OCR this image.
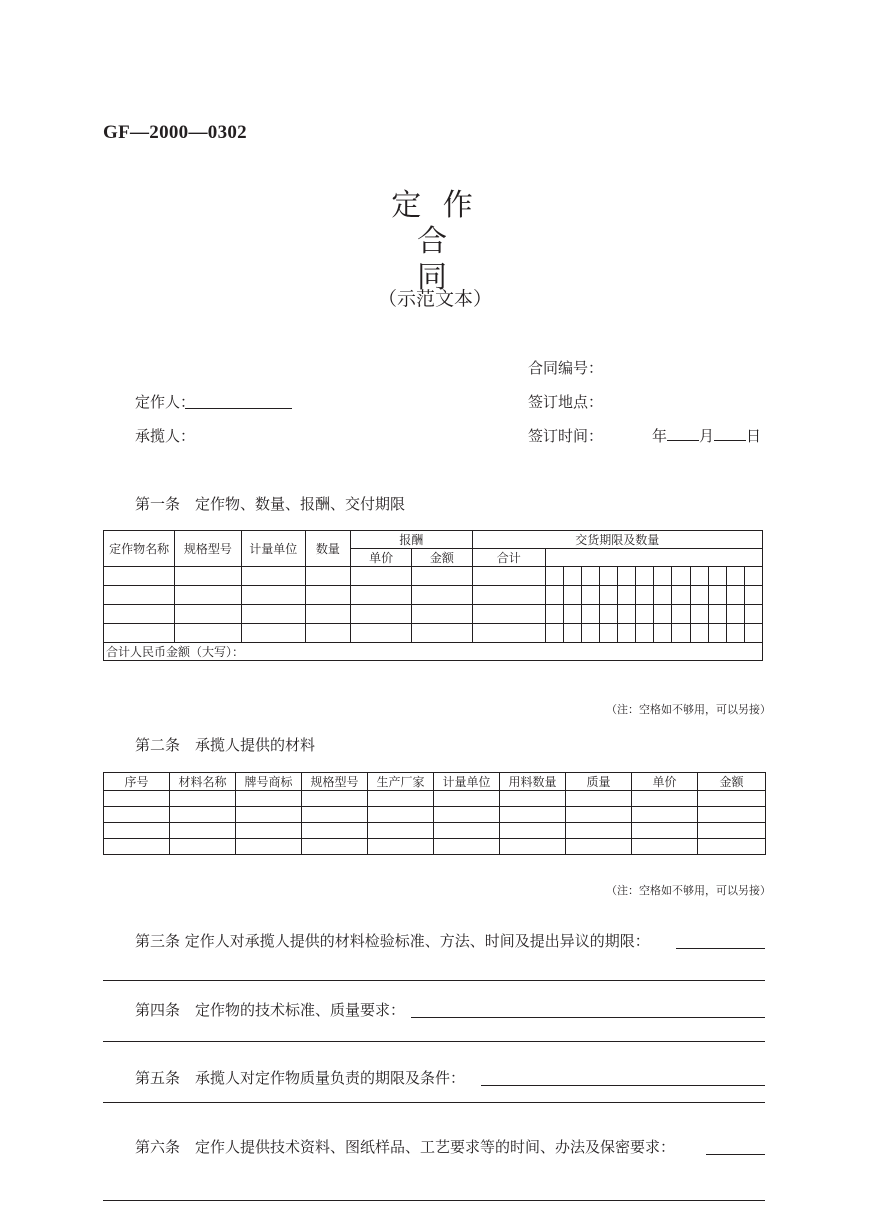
GF—2000—0302
定 作 合
同
（示范文本）
合同编号：
定作人：	签订地点：
承揽人：	签订时间：	年 月 日
第一条　定作物、数量、报酬、交付期限
定作物名称	规格型号	计量单位	数量	报酬		交货期限及数量												
				单价	金额	合计												

合计人民币金额（大写）：																		
（注：空格如不够用，可以另接）
第二条　承揽人提供的材料
序号	材料名称	牌号商标	规格型号	生产厂家	计量单位	用料数量	质量	单价	金额

（注：空格如不够用，可以另接）
第三条 定作人对承揽人提供的材料检验标准、方法、时间及提出异议的期限：
第四条　定作物的技术标准、质量要求：
第五条　承揽人对定作物质量负责的期限及条件：
第六条　定作人提供技术资料、图纸样品、工艺要求等的时间、办法及保密要求：
